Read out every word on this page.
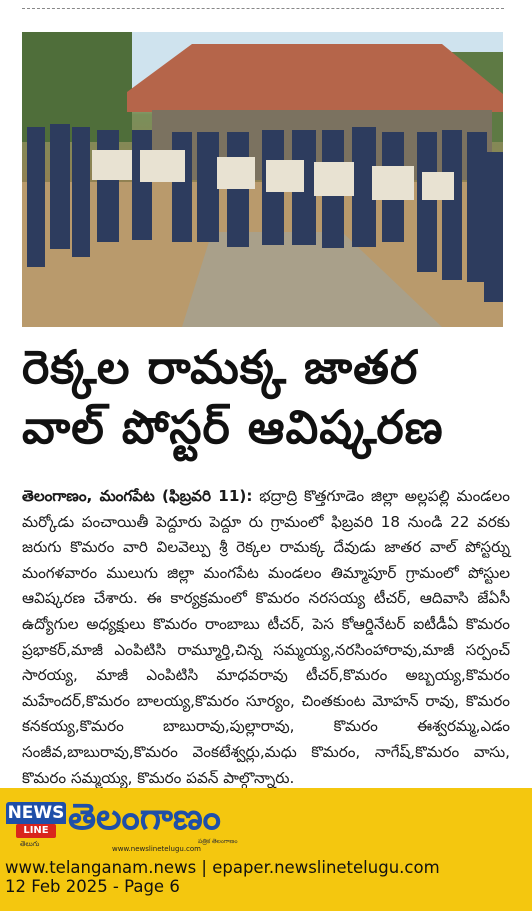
రెక్కల రామక్క జాతర
వాల్ పోస్టర్ ఆవిష్కరణ

తెలంగాణం, మంగపేట (ఫిబ్రవరి 11): భద్రాద్రి కొత్తగూడెం జిల్లా అల్లపల్లి మండలం మర్కోడు పంచాయితీ పెద్దూరు పెద్దూ రు గ్రామంలో ఫిబ్రవరి 18 నుండి 22 వరకు జరుగు కొమరం వారి విలవెల్పు శ్రీ రెక్కల రామక్క దేవుడు జాతర వాల్ పోస్టర్ను మంగళవారం ములుగు జిల్లా మంగపేట మండలం తిమ్మాపూర్ గ్రామంలో పోస్టుల ఆవిష్కరణ చేశారు. ఈ కార్యక్రమంలో కొమరం నరసయ్య టీచర్, ఆదివాసి జేఏసీ ఉద్యోగుల అధ్యక్షులు కొమరం రాంబాబు టీచర్, పెస కోఆర్డినేటర్ ఐటీడీఏ కొమరం ప్రభాకర్,మాజీ ఎంపిటిసి రామ్మూర్తి,చిన్న సమ్మయ్య,నరసింహారావు,మాజీ సర్పంచ్ సారయ్య, మాజీ ఎంపిటిసి మాధవరావు టీచర్,కొమరం అబ్బయ్య,కొమరం మహేందర్,కొమరం బాలయ్య,కొమరం సూర్యం, చింతకుంట మోహన్ రావు, కొమరం కనకయ్య,కొమరం బాబురావు,పుల్లారావు, కొమరం ఈశ్వరమ్మ,ఎడం సంజీవ,బాబురావు,కొమరం వెంకటేశ్వర్లు,మధు కొమరం, నాగేష్,కొమరం వాసు, కొమరం సమ్మయ్య, కొమరం పవన్ పాల్గొన్నారు.

NEWS
LINE
తెలుగు
తెలంగాణం
పత్రిక తెలంగాణం
www.newslinetelugu.com
www.telanganam.news | epaper.newslinetelugu.com
12 Feb 2025 - Page 6
